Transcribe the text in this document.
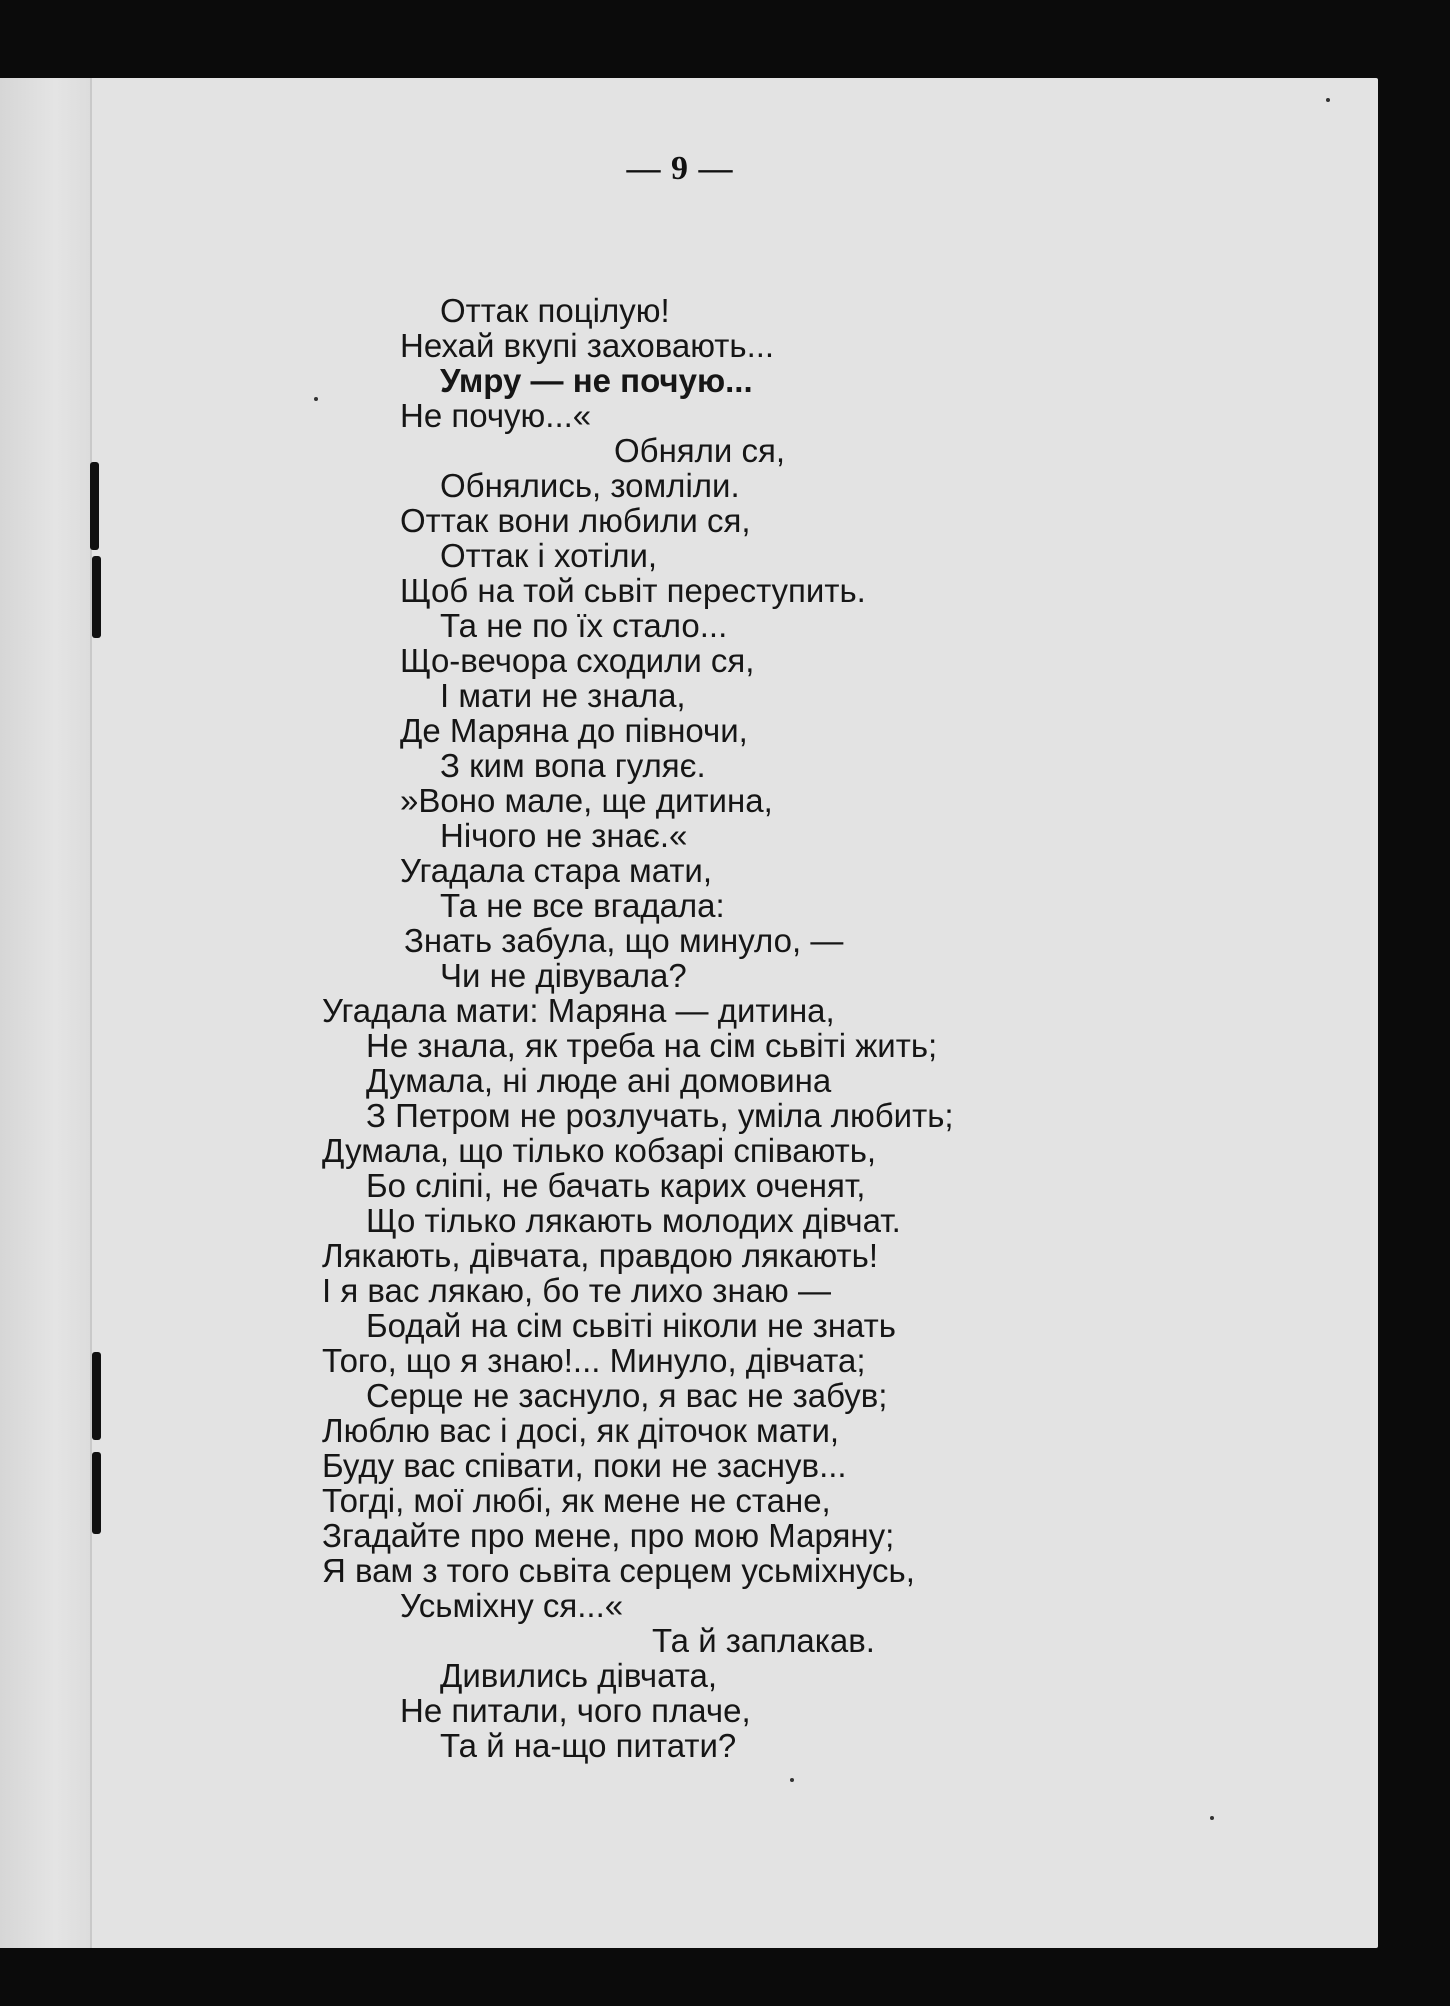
— 9 —
Оттак поцілую!
Нехай вкупі заховають...
Умру — не почую...
Не почую...«
Обняли ся,
Обнялись, зомліли.
Оттак вони любили ся,
Оттак і хотіли,
Щоб на той сьвіт переступить.
Та не по їх стало...
Що-вечора сходили ся,
І мати не знала,
Де Маряна до півночи,
З ким вопа гуляє.
»Воно мале, ще дитина,
Нічого не знає.«
Угадала стара мати,
Та не все вгадала:
Знать забула, що минуло, —
Чи не дівувала?
Угадала мати: Маряна — дитина,
Не знала, як треба на сім сьвіті жить;
Думала, ні люде ані домовина
З Петром не розлучать, уміла любить;
Думала, що тілько кобзарі співають,
Бо сліпі, не бачать карих оченят,
Що тілько лякають молодих дівчат.
Лякають, дівчата, правдою лякають!
І я вас лякаю, бо те лихо знаю —
Бодай на сім сьвіті ніколи не знать
Того, що я знаю!... Минуло, дівчата;
Серце не заснуло, я вас не забув;
Люблю вас і досі, як діточок мати,
Буду вас співати, поки не заснув...
Тогді, мої любі, як мене не стане,
Згадайте про мене, про мою Маряну;
Я вам з того сьвіта серцем усьміхнусь,
Усьміхну ся...«
Та й заплакав.
Дивились дівчата,
Не питали, чого плаче,
Та й на-що питати?
